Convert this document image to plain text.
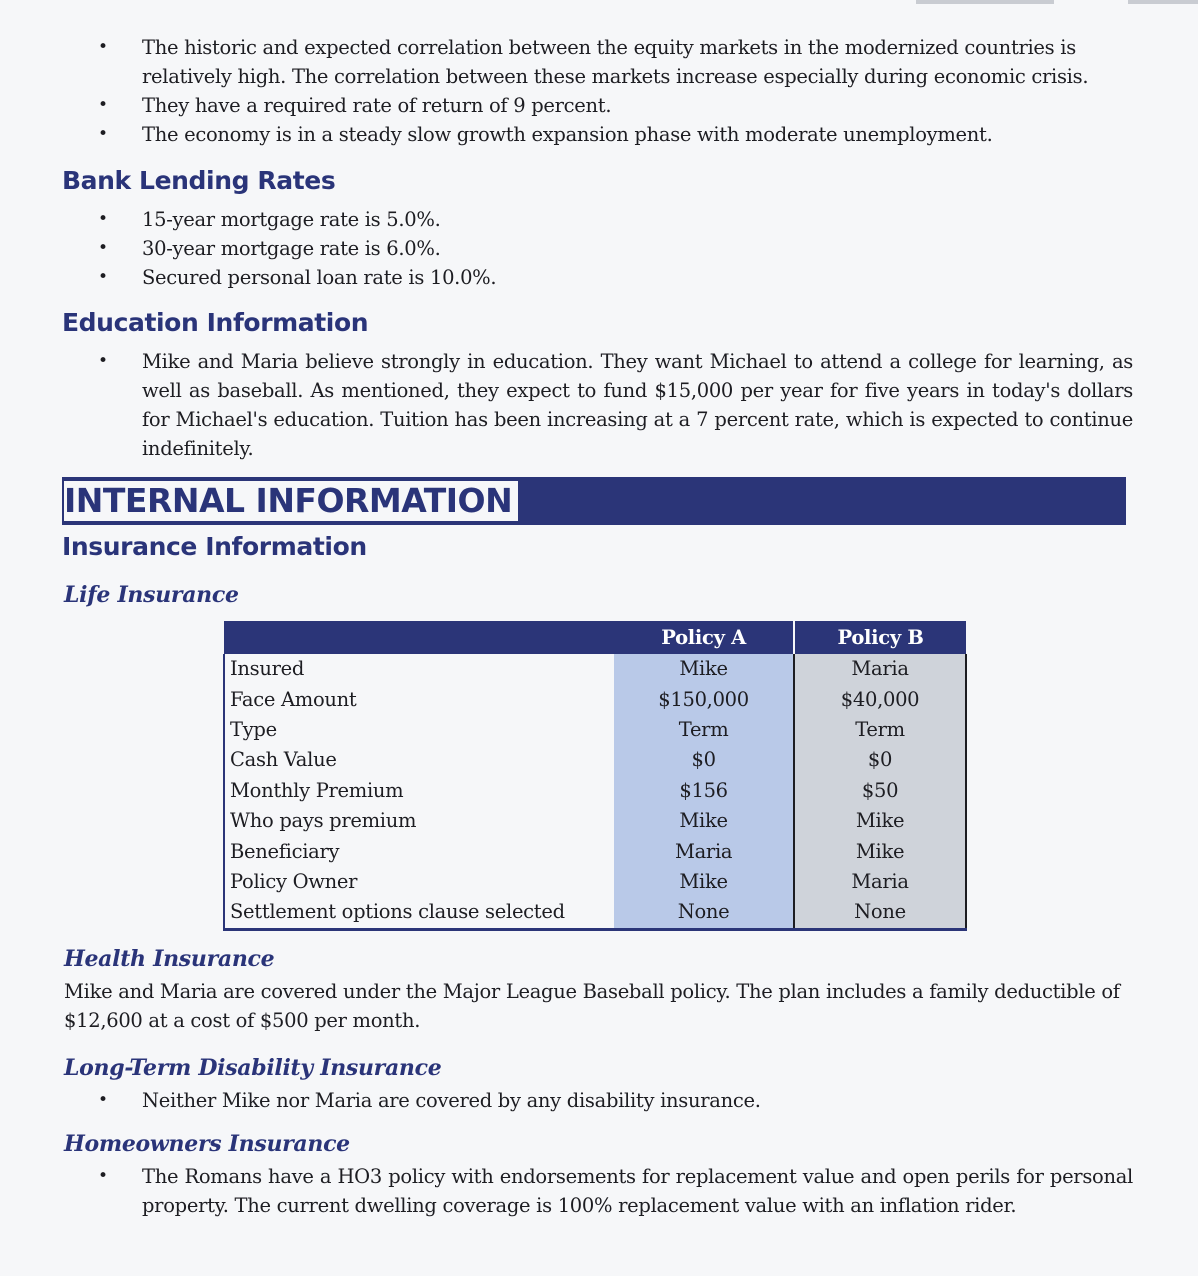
• The historic and expected correlation between the equity markets in the modernized countries is relatively high. The correlation between these markets increase especially during economic crisis.
• They have a required rate of return of 9 percent.
• The economy is in a steady slow growth expansion phase with moderate unemployment.
Bank Lending Rates
• 15-year mortgage rate is 5.0%.
• 30-year mortgage rate is 6.0%.
• Secured personal loan rate is 10.0%.
Education Information
• Mike and Maria believe strongly in education. They want Michael to attend a college for learning, as well as baseball. As mentioned, they expect to fund $15,000 per year for five years in today's dollars for Michael's education. Tuition has been increasing at a 7 percent rate, which is expected to continue indefinitely.
INTERNAL INFORMATION
Insurance Information
Life Insurance
	Policy A	Policy B
Insured	Mike	Maria
Face Amount	$150,000	$40,000
Type	Term	Term
Cash Value	$0	$0
Monthly Premium	$156	$50
Who pays premium	Mike	Mike
Beneficiary	Maria	Mike
Policy Owner	Mike	Maria
Settlement options clause selected	None	None
Health Insurance
Mike and Maria are covered under the Major League Baseball policy. The plan includes a family deductible of $12,600 at a cost of $500 per month.
Long-Term Disability Insurance
• Neither Mike nor Maria are covered by any disability insurance.
Homeowners Insurance
• The Romans have a HO3 policy with endorsements for replacement value and open perils for personal property. The current dwelling coverage is 100% replacement value with an inflation rider.
